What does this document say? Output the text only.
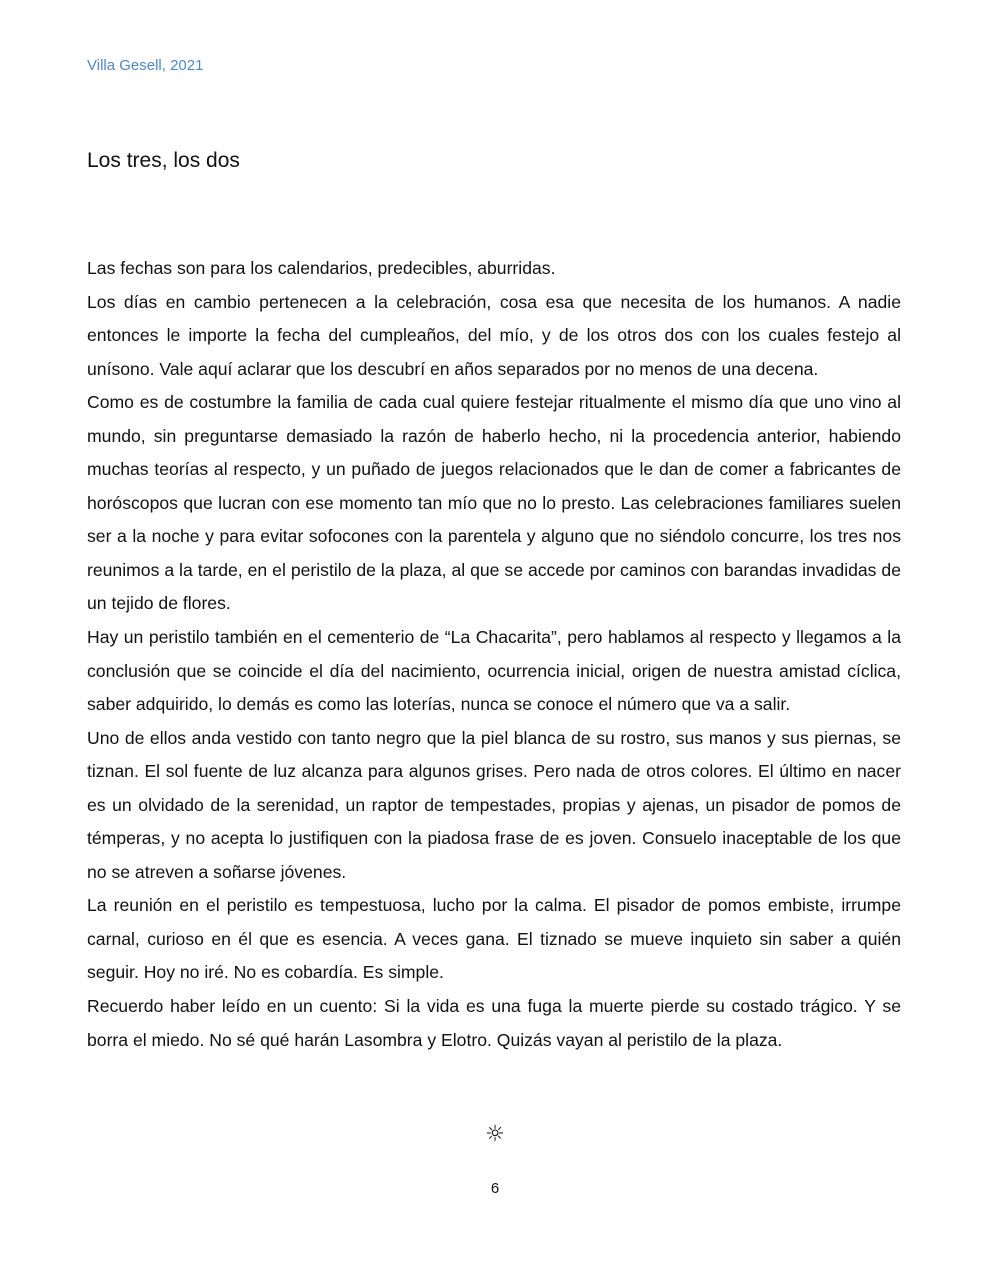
Villa Gesell, 2021
Los tres, los dos

Las fechas son para los calendarios, predecibles, aburridas.

Los días en cambio pertenecen a la celebración, cosa esa que necesita de los humanos. A nadie entonces le importe la fecha del cumpleaños, del mío, y de los otros dos con los cuales festejo al unísono. Vale aquí aclarar que los descubrí en años separados por no menos de una decena.

Como es de costumbre la familia de cada cual quiere festejar ritualmente el mismo día que uno vino al mundo, sin preguntarse demasiado la razón de haberlo hecho, ni la procedencia anterior, habiendo muchas teorías al respecto, y un puñado de juegos relacionados que le dan de comer a fabricantes de horóscopos que lucran con ese momento tan mío que no lo presto. Las celebraciones familiares suelen ser a la noche y para evitar sofocones con la parentela y alguno que no siéndolo concurre, los tres nos reunimos a la tarde, en el peristilo de la plaza, al que se accede por caminos con barandas invadidas de un tejido de flores.

Hay un peristilo también en el cementerio de “La Chacarita”, pero hablamos al respecto y llegamos a la conclusión que se coincide el día del nacimiento, ocurrencia inicial, origen de nuestra amistad cíclica, saber adquirido, lo demás es como las loterías, nunca se conoce el número que va a salir.

Uno de ellos anda vestido con tanto negro que la piel blanca de su rostro, sus manos y sus piernas, se tiznan. El sol fuente de luz alcanza para algunos grises. Pero nada de otros colores. El último en nacer es un olvidado de la serenidad, un raptor de tempestades, propias y ajenas, un pisador de pomos de témperas, y no acepta lo justifiquen con la piadosa frase de es joven. Consuelo inaceptable de los que no se atreven a soñarse jóvenes.

La reunión en el peristilo es tempestuosa, lucho por la calma. El pisador de pomos embiste, irrumpe carnal, curioso en él que es esencia. A veces gana. El tiznado se mueve inquieto sin saber a quién seguir. Hoy no iré. No es cobardía. Es simple.

Recuerdo haber leído en un cuento: Si la vida es una fuga la muerte pierde su costado trágico. Y se borra el miedo. No sé qué harán Lasombra y Elotro. Quizás vayan al peristilo de la plaza.

☼
6
